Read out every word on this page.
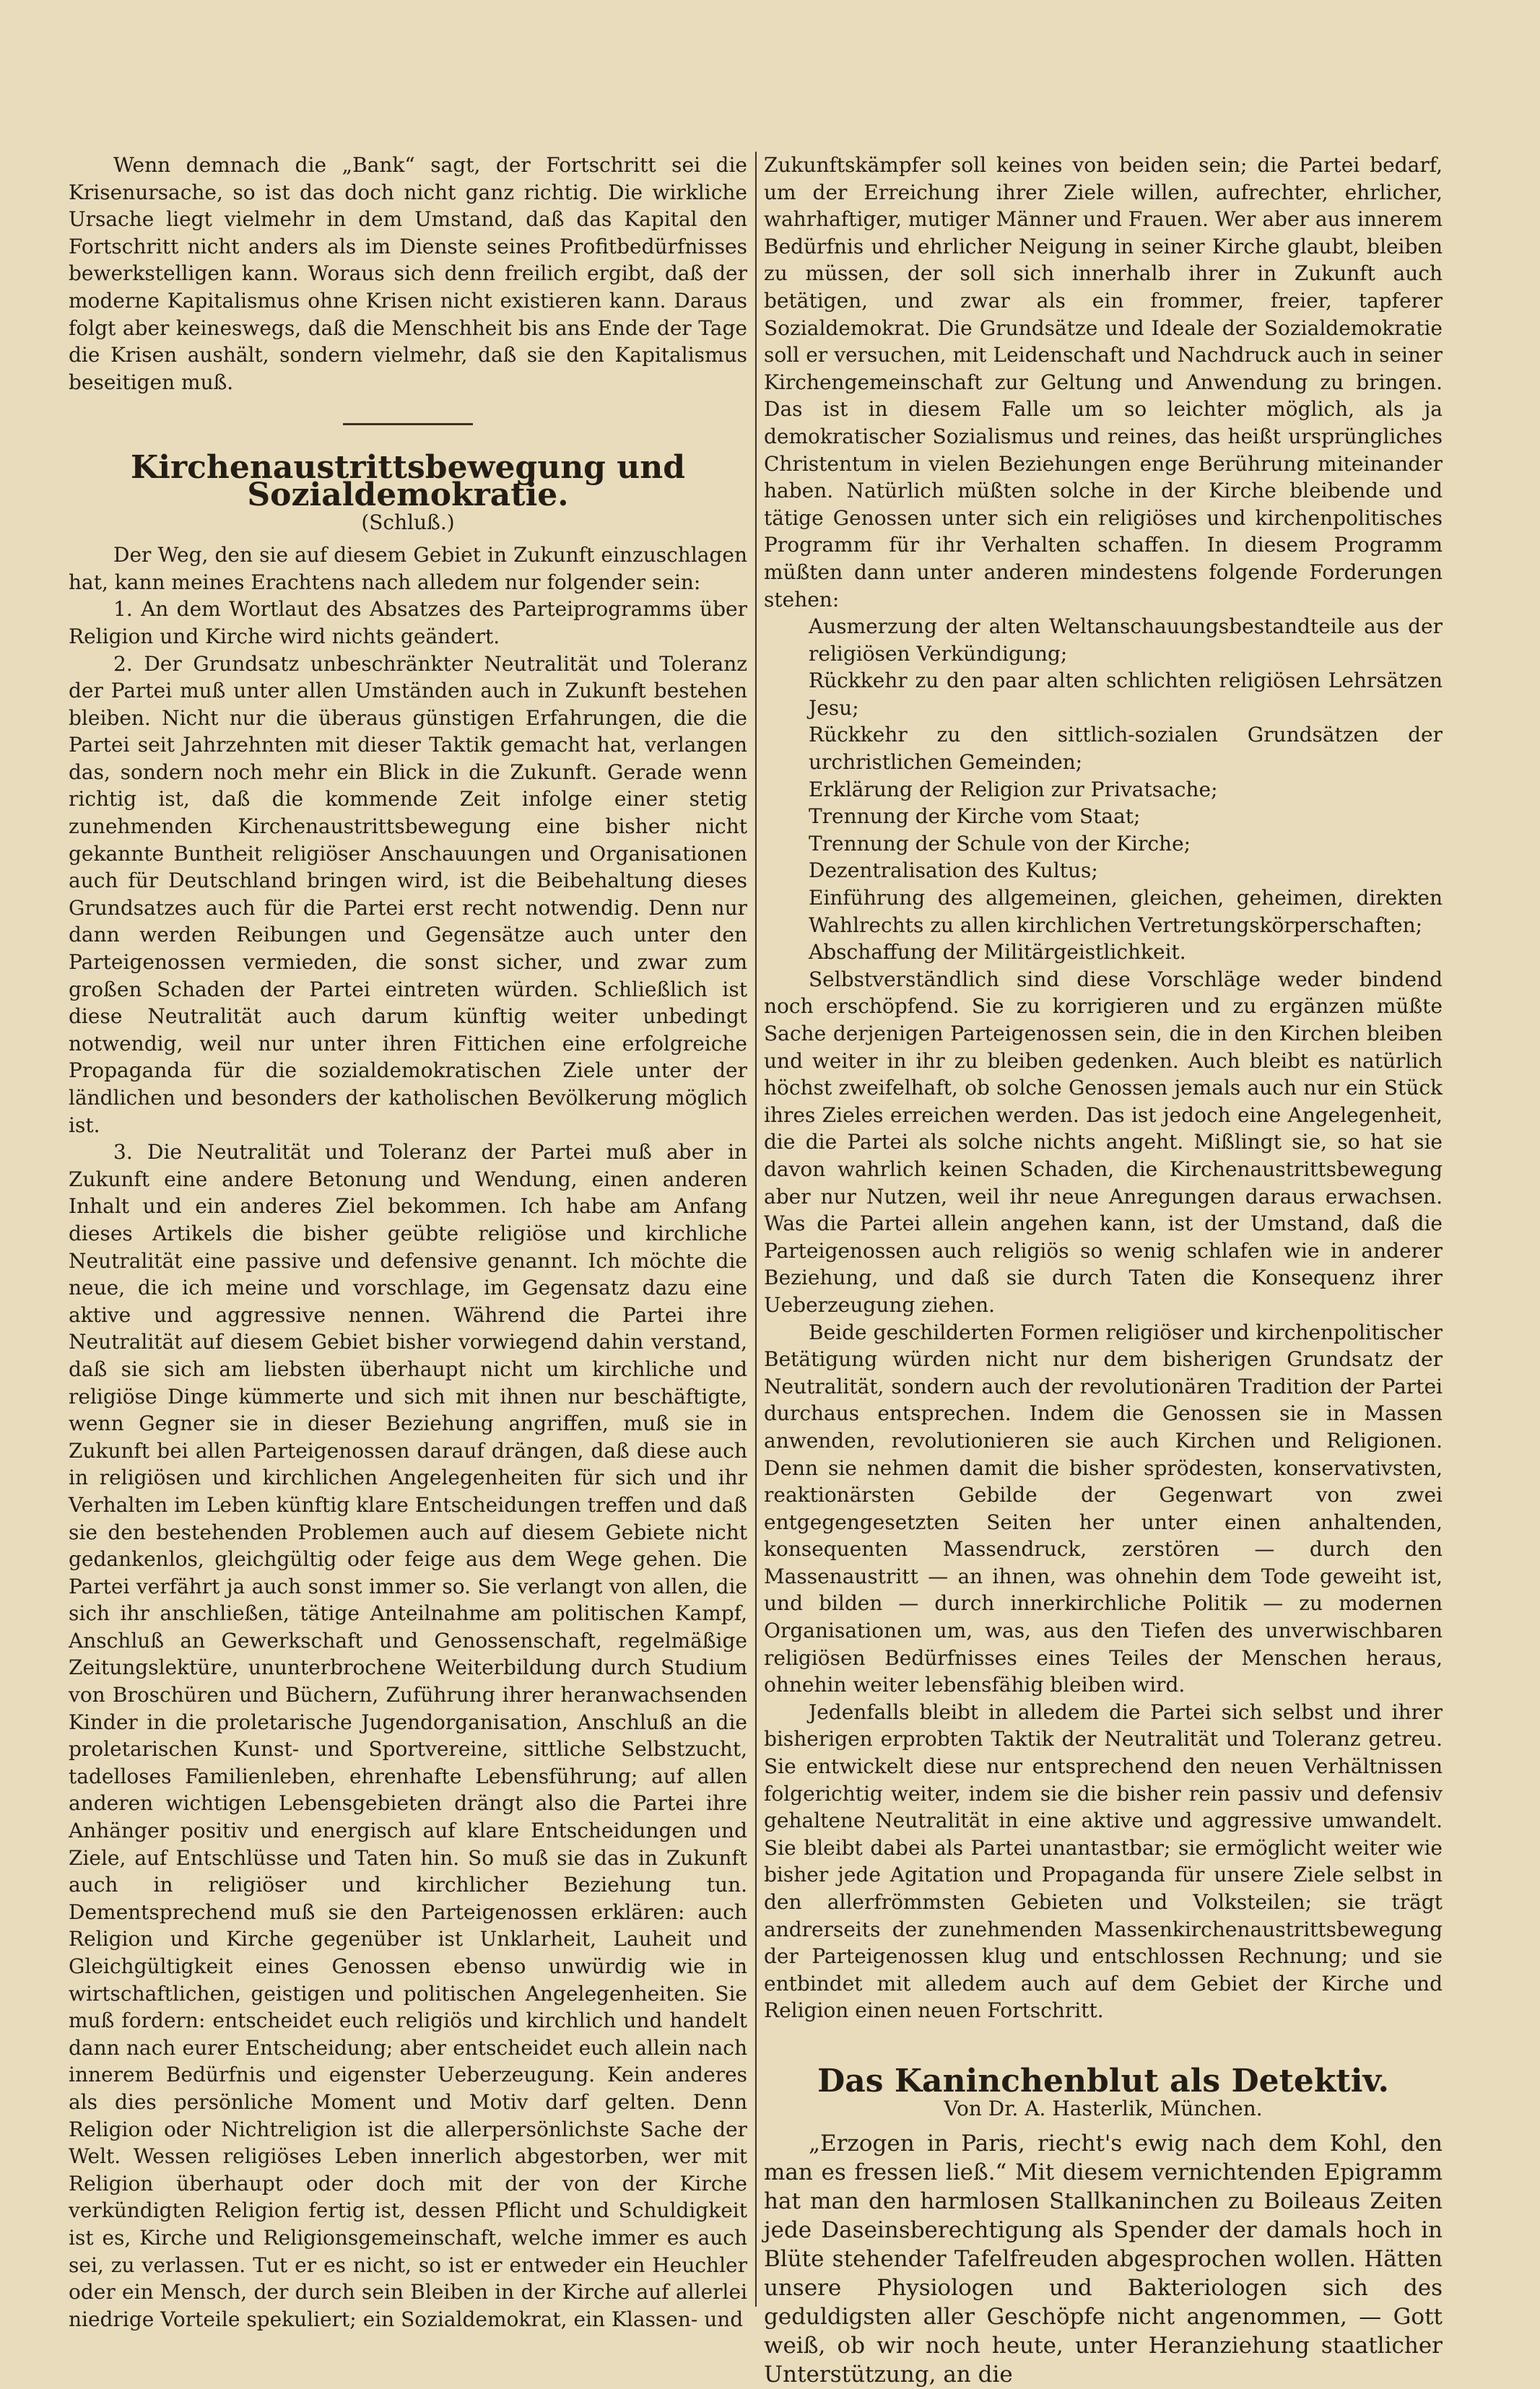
Wenn demnach die „Bank“ sagt, der Fortschritt sei die Krisenursache, so ist das doch nicht ganz richtig. Die wirkliche Ursache liegt vielmehr in dem Umstand, daß das Kapital den Fortschritt nicht anders als im Dienste seines Profitbedürfnisses bewerkstelligen kann. Woraus sich denn freilich ergibt, daß der moderne Kapitalismus ohne Krisen nicht existieren kann. Daraus folgt aber keineswegs, daß die Menschheit bis ans Ende der Tage die Krisen aushält, sondern vielmehr, daß sie den Kapitalismus beseitigen muß.

Kirchenaustrittsbewegung und Sozialdemokratie.
(Schluß.)

Der Weg, den sie auf diesem Gebiet in Zukunft einzuschlagen hat, kann meines Erachtens nach alledem nur folgender sein:

1. An dem Wortlaut des Absatzes des Parteiprogramms über Religion und Kirche wird nichts geändert.

2. Der Grundsatz unbeschränkter Neutralität und Toleranz der Partei muß unter allen Umständen auch in Zukunft bestehen bleiben. Nicht nur die überaus günstigen Erfahrungen, die die Partei seit Jahrzehnten mit dieser Taktik gemacht hat, verlangen das, sondern noch mehr ein Blick in die Zukunft. Gerade wenn richtig ist, daß die kommende Zeit infolge einer stetig zunehmenden Kirchenaustrittsbewegung eine bisher nicht gekannte Buntheit religiöser Anschauungen und Organisationen auch für Deutschland bringen wird, ist die Beibehaltung dieses Grundsatzes auch für die Partei erst recht notwendig. Denn nur dann werden Reibungen und Gegensätze auch unter den Parteigenossen vermieden, die sonst sicher, und zwar zum großen Schaden der Partei eintreten würden. Schließlich ist diese Neutralität auch darum künftig weiter unbedingt notwendig, weil nur unter ihren Fittichen eine erfolgreiche Propaganda für die sozialdemokratischen Ziele unter der ländlichen und besonders der katholischen Bevölkerung möglich ist.

3. Die Neutralität und Toleranz der Partei muß aber in Zukunft eine andere Betonung und Wendung, einen anderen Inhalt und ein anderes Ziel bekommen. Ich habe am Anfang dieses Artikels die bisher geübte religiöse und kirchliche Neutralität eine passive und defensive genannt. Ich möchte die neue, die ich meine und vorschlage, im Gegensatz dazu eine aktive und aggressive nennen. Während die Partei ihre Neutralität auf diesem Gebiet bisher vorwiegend dahin verstand, daß sie sich am liebsten überhaupt nicht um kirchliche und religiöse Dinge kümmerte und sich mit ihnen nur beschäftigte, wenn Gegner sie in dieser Beziehung angriffen, muß sie in Zukunft bei allen Parteigenossen darauf drängen, daß diese auch in religiösen und kirchlichen Angelegenheiten für sich und ihr Verhalten im Leben künftig klare Entscheidungen treffen und daß sie den bestehenden Problemen auch auf diesem Gebiete nicht gedankenlos, gleichgültig oder feige aus dem Wege gehen. Die Partei verfährt ja auch sonst immer so. Sie verlangt von allen, die sich ihr anschließen, tätige Anteilnahme am politischen Kampf, Anschluß an Gewerkschaft und Genossenschaft, regelmäßige Zeitungslektüre, ununterbrochene Weiterbildung durch Studium von Broschüren und Büchern, Zuführung ihrer heranwachsenden Kinder in die proletarische Jugendorganisation, Anschluß an die proletarischen Kunst- und Sportvereine, sittliche Selbstzucht, tadelloses Familienleben, ehrenhafte Lebensführung; auf allen anderen wichtigen Lebensgebieten drängt also die Partei ihre Anhänger positiv und energisch auf klare Entscheidungen und Ziele, auf Entschlüsse und Taten hin. So muß sie das in Zukunft auch in religiöser und kirchlicher Beziehung tun. Dementsprechend muß sie den Parteigenossen erklären: auch Religion und Kirche gegenüber ist Unklarheit, Lauheit und Gleichgültigkeit eines Genossen ebenso unwürdig wie in wirtschaftlichen, geistigen und politischen Angelegenheiten. Sie muß fordern: entscheidet euch religiös und kirchlich und handelt dann nach eurer Entscheidung; aber entscheidet euch allein nach innerem Bedürfnis und eigenster Ueberzeugung. Kein anderes als dies persönliche Moment und Motiv darf gelten. Denn Religion oder Nichtreligion ist die allerpersönlichste Sache der Welt. Wessen religiöses Leben innerlich abgestorben, wer mit Religion überhaupt oder doch mit der von der Kirche verkündigten Religion fertig ist, dessen Pflicht und Schuldigkeit ist es, Kirche und Religionsgemeinschaft, welche immer es auch sei, zu verlassen. Tut er es nicht, so ist er entweder ein Heuchler oder ein Mensch, der durch sein Bleiben in der Kirche auf allerlei niedrige Vorteile spekuliert; ein Sozialdemokrat, ein Klassen- und

Zukunftskämpfer soll keines von beiden sein; die Partei bedarf, um der Erreichung ihrer Ziele willen, aufrechter, ehrlicher, wahrhaftiger, mutiger Männer und Frauen. Wer aber aus innerem Bedürfnis und ehrlicher Neigung in seiner Kirche glaubt, bleiben zu müssen, der soll sich innerhalb ihrer in Zukunft auch betätigen, und zwar als ein frommer, freier, tapferer Sozialdemokrat. Die Grundsätze und Ideale der Sozialdemokratie soll er versuchen, mit Leidenschaft und Nachdruck auch in seiner Kirchengemeinschaft zur Geltung und Anwendung zu bringen. Das ist in diesem Falle um so leichter möglich, als ja demokratischer Sozialismus und reines, das heißt ursprüngliches Christentum in vielen Beziehungen enge Berührung miteinander haben. Natürlich müßten solche in der Kirche bleibende und tätige Genossen unter sich ein religiöses und kirchenpolitisches Programm für ihr Verhalten schaffen. In diesem Programm müßten dann unter anderen mindestens folgende Forderungen stehen:

Ausmerzung der alten Weltanschauungsbestandteile aus der religiösen Verkündigung;

Rückkehr zu den paar alten schlichten religiösen Lehrsätzen Jesu;

Rückkehr zu den sittlich-sozialen Grundsätzen der urchristlichen Gemeinden;

Erklärung der Religion zur Privatsache;

Trennung der Kirche vom Staat;

Trennung der Schule von der Kirche;

Dezentralisation des Kultus;

Einführung des allgemeinen, gleichen, geheimen, direkten Wahlrechts zu allen kirchlichen Vertretungskörperschaften;

Abschaffung der Militärgeistlichkeit.

Selbstverständlich sind diese Vorschläge weder bindend noch erschöpfend. Sie zu korrigieren und zu ergänzen müßte Sache derjenigen Parteigenossen sein, die in den Kirchen bleiben und weiter in ihr zu bleiben gedenken. Auch bleibt es natürlich höchst zweifelhaft, ob solche Genossen jemals auch nur ein Stück ihres Zieles erreichen werden. Das ist jedoch eine Angelegenheit, die die Partei als solche nichts angeht. Mißlingt sie, so hat sie davon wahrlich keinen Schaden, die Kirchenaustrittsbewegung aber nur Nutzen, weil ihr neue Anregungen daraus erwachsen. Was die Partei allein angehen kann, ist der Umstand, daß die Parteigenossen auch religiös so wenig schlafen wie in anderer Beziehung, und daß sie durch Taten die Konsequenz ihrer Ueberzeugung ziehen.

Beide geschilderten Formen religiöser und kirchenpolitischer Betätigung würden nicht nur dem bisherigen Grundsatz der Neutralität, sondern auch der revolutionären Tradition der Partei durchaus entsprechen. Indem die Genossen sie in Massen anwenden, revolutionieren sie auch Kirchen und Religionen. Denn sie nehmen damit die bisher sprödesten, konservativsten, reaktionärsten Gebilde der Gegenwart von zwei entgegengesetzten Seiten her unter einen anhaltenden, konsequenten Massendruck, zerstören — durch den Massenaustritt — an ihnen, was ohnehin dem Tode geweiht ist, und bilden — durch innerkirchliche Politik — zu modernen Organisationen um, was, aus den Tiefen des unverwischbaren religiösen Bedürfnisses eines Teiles der Menschen heraus, ohnehin weiter lebensfähig bleiben wird.

Jedenfalls bleibt in alledem die Partei sich selbst und ihrer bisherigen erprobten Taktik der Neutralität und Toleranz getreu. Sie entwickelt diese nur entsprechend den neuen Verhältnissen folgerichtig weiter, indem sie die bisher rein passiv und defensiv gehaltene Neutralität in eine aktive und aggressive umwandelt. Sie bleibt dabei als Partei unantastbar; sie ermöglicht weiter wie bisher jede Agitation und Propaganda für unsere Ziele selbst in den allerfrömmsten Gebieten und Volksteilen; sie trägt andrerseits der zunehmenden Massenkirchenaustrittsbewegung der Parteigenossen klug und entschlossen Rechnung; und sie entbindet mit alledem auch auf dem Gebiet der Kirche und Religion einen neuen Fortschritt.

Das Kaninchenblut als Detektiv.
Von Dr. A. Hasterlik, München.

„Erzogen in Paris, riecht's ewig nach dem Kohl, den man es fressen ließ.“ Mit diesem vernichtenden Epigramm hat man den harmlosen Stallkaninchen zu Boileaus Zeiten jede Daseinsberechtigung als Spender der damals hoch in Blüte stehender Tafelfreuden abgesprochen wollen. Hätten unsere Physiologen und Bakteriologen sich des geduldigsten aller Geschöpfe nicht angenommen, — Gott weiß, ob wir noch heute, unter Heranziehung staatlicher Unterstützung, an die
